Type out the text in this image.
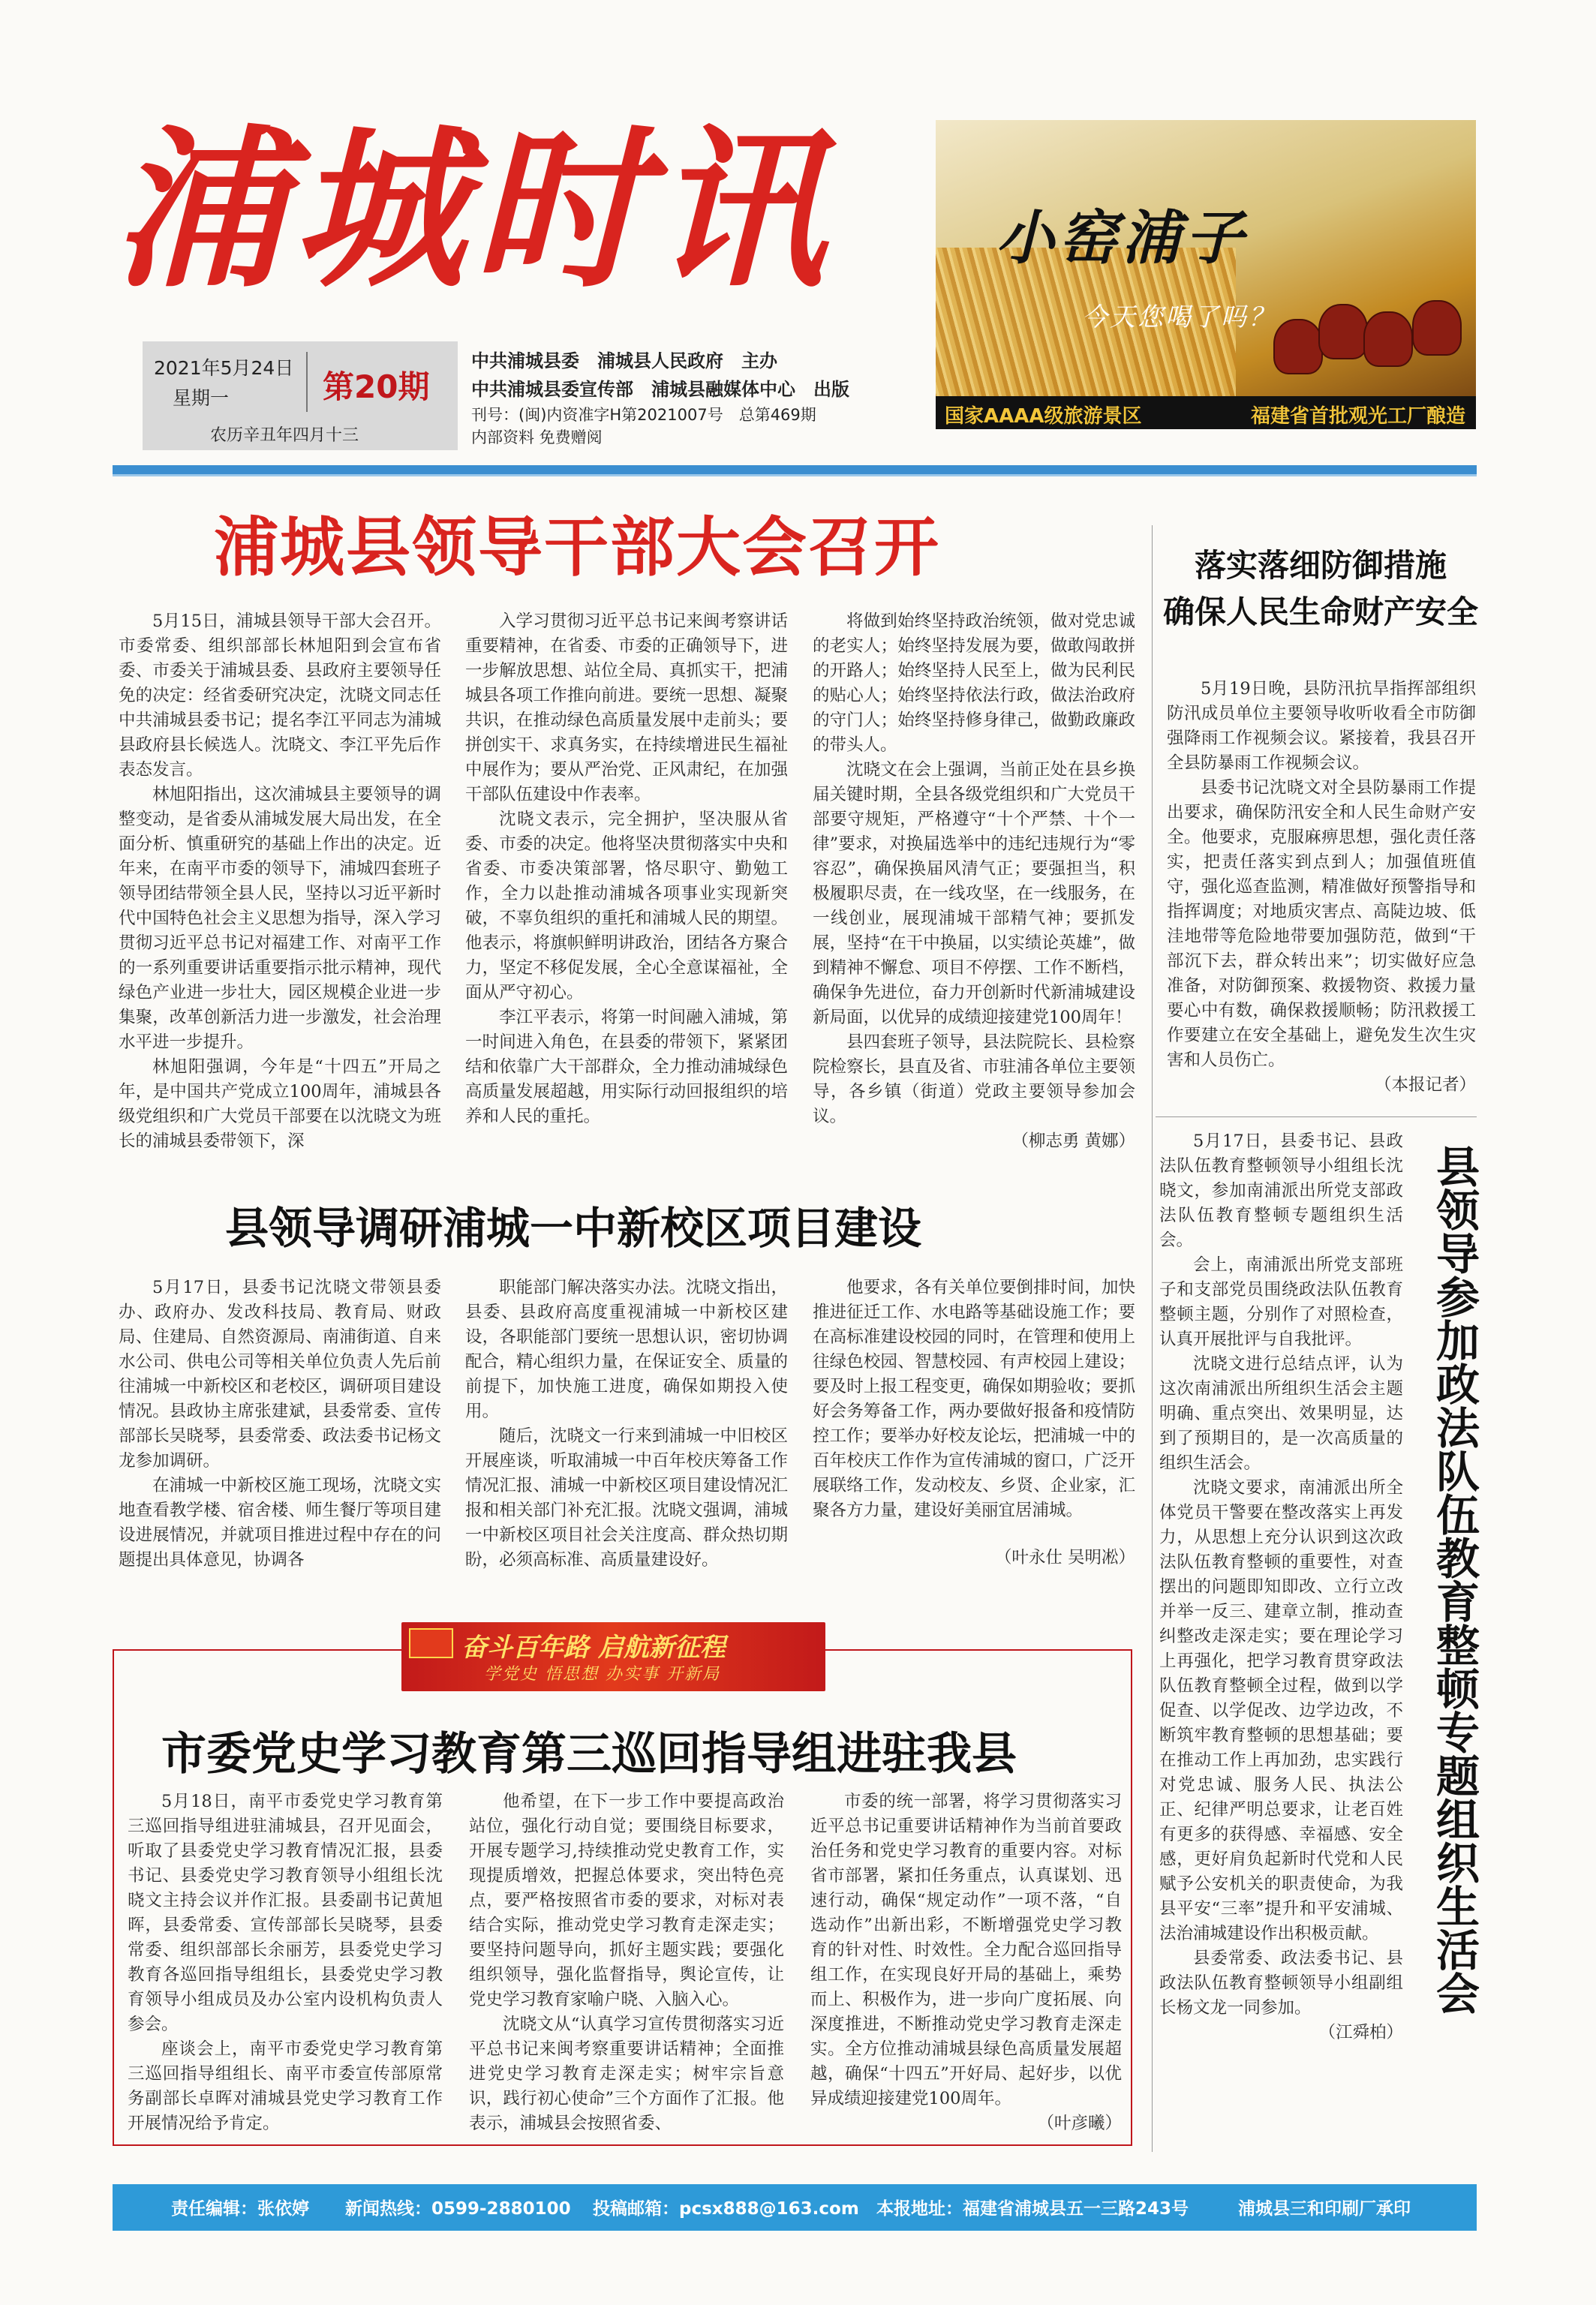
浦城时讯
2021年5月24日
星期一	第20期
农历辛丑年四月十三
中共浦城县委　浦城县人民政府　主办
中共浦城县委宣传部　浦城县融媒体中心　出版
刊号：(闽)内资准字H第2021007号　总第469期
内部资料 免费赠阅
小窑浦子
今天您喝了吗？
国家AAAA级旅游景区	福建省首批观光工厂酿造
浦城县领导干部大会召开

5月15日，浦城县领导干部大会召开。市委常委、组织部部长林旭阳到会宣布省委、市委关于浦城县委、县政府主要领导任免的决定：经省委研究决定，沈晓文同志任中共浦城县委书记；提名李江平同志为浦城县政府县长候选人。沈晓文、李江平先后作表态发言。

林旭阳指出，这次浦城县主要领导的调整变动，是省委从浦城发展大局出发，在全面分析、慎重研究的基础上作出的决定。近年来，在南平市委的领导下，浦城四套班子领导团结带领全县人民，坚持以习近平新时代中国特色社会主义思想为指导，深入学习贯彻习近平总书记对福建工作、对南平工作的一系列重要讲话重要指示批示精神，现代绿色产业进一步壮大，园区规模企业进一步集聚，改革创新活力进一步激发，社会治理水平进一步提升。

林旭阳强调，今年是“十四五”开局之年，是中国共产党成立100周年，浦城县各级党组织和广大党员干部要在以沈晓文为班长的浦城县委带领下，深

入学习贯彻习近平总书记来闽考察讲话重要精神，在省委、市委的正确领导下，进一步解放思想、站位全局、真抓实干，把浦城县各项工作推向前进。要统一思想、凝聚共识，在推动绿色高质量发展中走前头；要拼创实干、求真务实，在持续增进民生福祉中展作为；要从严治党、正风肃纪，在加强干部队伍建设中作表率。

沈晓文表示，完全拥护，坚决服从省委、市委的决定。他将坚决贯彻落实中央和省委、市委决策部署，恪尽职守、勤勉工作，全力以赴推动浦城各项事业实现新突破，不辜负组织的重托和浦城人民的期望。他表示，将旗帜鲜明讲政治，团结各方聚合力，坚定不移促发展，全心全意谋福祉，全面从严守初心。

李江平表示，将第一时间融入浦城，第一时间进入角色，在县委的带领下，紧紧团结和依靠广大干部群众，全力推动浦城绿色高质量发展超越，用实际行动回报组织的培养和人民的重托。

将做到始终坚持政治统领，做对党忠诚的老实人；始终坚持发展为要，做敢闯敢拼的开路人；始终坚持人民至上，做为民利民的贴心人；始终坚持依法行政，做法治政府的守门人；始终坚持修身律己，做勤政廉政的带头人。

沈晓文在会上强调，当前正处在县乡换届关键时期，全县各级党组织和广大党员干部要守规矩，严格遵守“十个严禁、十个一律”要求，对换届选举中的违纪违规行为“零容忍”，确保换届风清气正；要强担当，积极履职尽责，在一线攻坚，在一线服务，在一线创业，展现浦城干部精气神；要抓发展，坚持“在干中换届，以实绩论英雄”，做到精神不懈怠、项目不停摆、工作不断档，确保争先进位，奋力开创新时代新浦城建设新局面，以优异的成绩迎接建党100周年！

县四套班子领导，县法院院长、县检察院检察长，县直及省、市驻浦各单位主要领导，各乡镇（街道）党政主要领导参加会议。

（柳志勇 黄娜）
落实落细防御措施
确保人民生命财产安全

5月19日晚，县防汛抗旱指挥部组织防汛成员单位主要领导收听收看全市防御强降雨工作视频会议。紧接着，我县召开全县防暴雨工作视频会议。

县委书记沈晓文对全县防暴雨工作提出要求，确保防汛安全和人民生命财产安全。他要求，克服麻痹思想，强化责任落实，把责任落实到点到人；加强值班值守，强化巡查监测，精准做好预警指导和指挥调度；对地质灾害点、高陡边坡、低洼地带等危险地带要加强防范，做到“干部沉下去，群众转出来”；切实做好应急准备，对防御预案、救援物资、救援力量要心中有数，确保救援顺畅；防汛救援工作要建立在安全基础上，避免发生次生灾害和人员伤亡。

（本报记者）
县领导调研浦城一中新校区项目建设

5月17日，县委书记沈晓文带领县委办、政府办、发改科技局、教育局、财政局、住建局、自然资源局、南浦街道、自来水公司、供电公司等相关单位负责人先后前往浦城一中新校区和老校区，调研项目建设情况。县政协主席张建斌，县委常委、宣传部部长吴晓琴，县委常委、政法委书记杨文龙参加调研。

在浦城一中新校区施工现场，沈晓文实地查看教学楼、宿舍楼、师生餐厅等项目建设进展情况，并就项目推进过程中存在的问题提出具体意见，协调各

职能部门解决落实办法。沈晓文指出，县委、县政府高度重视浦城一中新校区建设，各职能部门要统一思想认识，密切协调配合，精心组织力量，在保证安全、质量的前提下，加快施工进度，确保如期投入使用。

随后，沈晓文一行来到浦城一中旧校区开展座谈，听取浦城一中百年校庆筹备工作情况汇报、浦城一中新校区项目建设情况汇报和相关部门补充汇报。沈晓文强调，浦城一中新校区项目社会关注度高、群众热切期盼，必须高标准、高质量建设好。

他要求，各有关单位要倒排时间，加快推进征迁工作、水电路等基础设施工作；要在高标准建设校园的同时，在管理和使用上往绿色校园、智慧校园、有声校园上建设；要及时上报工程变更，确保如期验收；要抓好会务筹备工作，两办要做好报备和疫情防控工作；要举办好校友论坛，把浦城一中的百年校庆工作作为宣传浦城的窗口，广泛开展联络工作，发动校友、乡贤、企业家，汇聚各方力量，建设好美丽宜居浦城。

（叶永仕 吴明凇）
奋斗百年路 启航新征程
学党史 悟思想 办实事 开新局
市委党史学习教育第三巡回指导组进驻我县

5月18日，南平市委党史学习教育第三巡回指导组进驻浦城县，召开见面会，听取了县委党史学习教育情况汇报，县委书记、县委党史学习教育领导小组组长沈晓文主持会议并作汇报。县委副书记黄旭晖，县委常委、宣传部部长吴晓琴，县委常委、组织部部长余丽芳，县委党史学习教育各巡回指导组组长，县委党史学习教育领导小组成员及办公室内设机构负责人参会。

座谈会上，南平市委党史学习教育第三巡回指导组组长、南平市委宣传部原常务副部长卓晖对浦城县党史学习教育工作开展情况给予肯定。

他希望，在下一步工作中要提高政治站位，强化行动自觉；要围绕目标要求，开展专题学习,持续推动党史教育工作，实现提质增效，把握总体要求，突出特色亮点，要严格按照省市委的要求，对标对表结合实际，推动党史学习教育走深走实；要坚持问题导向，抓好主题实践；要强化组织领导，强化监督指导，舆论宣传，让党史学习教育家喻户晓、入脑入心。

沈晓文从“认真学习宣传贯彻落实习近平总书记来闽考察重要讲话精神；全面推进党史学习教育走深走实；树牢宗旨意识，践行初心使命”三个方面作了汇报。他表示，浦城县会按照省委、

市委的统一部署，将学习贯彻落实习近平总书记重要讲话精神作为当前首要政治任务和党史学习教育的重要内容。对标省市部署，紧扣任务重点，认真谋划、迅速行动，确保“规定动作”一项不落，“自选动作”出新出彩，不断增强党史学习教育的针对性、时效性。全力配合巡回指导组工作，在实现良好开局的基础上，乘势而上、积极作为，进一步向广度拓展、向深度推进，不断推动党史学习教育走深走实。全方位推动浦城县绿色高质量发展超越，确保“十四五”开好局、起好步，以优异成绩迎接建党100周年。

（叶彦曦）

5月17日，县委书记、县政法队伍教育整顿领导小组组长沈晓文，参加南浦派出所党支部政法队伍教育整顿专题组织生活会。

会上，南浦派出所党支部班子和支部党员围绕政法队伍教育整顿主题，分别作了对照检查，认真开展批评与自我批评。

沈晓文进行总结点评，认为这次南浦派出所组织生活会主题明确、重点突出、效果明显，达到了预期目的，是一次高质量的组织生活会。

沈晓文要求，南浦派出所全体党员干警要在整改落实上再发力，从思想上充分认识到这次政法队伍教育整顿的重要性，对查摆出的问题即知即改、立行立改并举一反三、建章立制，推动查纠整改走深走实；要在理论学习上再强化，把学习教育贯穿政法队伍教育整顿全过程，做到以学促查、以学促改、边学边改，不断筑牢教育整顿的思想基础；要在推动工作上再加劲，忠实践行对党忠诚、服务人民、执法公正、纪律严明总要求，让老百姓有更多的获得感、幸福感、安全感，更好肩负起新时代党和人民赋予公安机关的职责使命，为我县平安“三率”提升和平安浦城、法治浦城建设作出积极贡献。

县委常委、政法委书记、县政法队伍教育整顿领导小组副组长杨文龙一同参加。

（江舜柏）
县领导参加政法队伍教育整顿专题组织生活会
责任编辑：张依婷 新闻热线：0599-2880100 投稿邮箱：pcsx888@163.com 本报地址：福建省浦城县五一三路243号	浦城县三和印刷厂承印
